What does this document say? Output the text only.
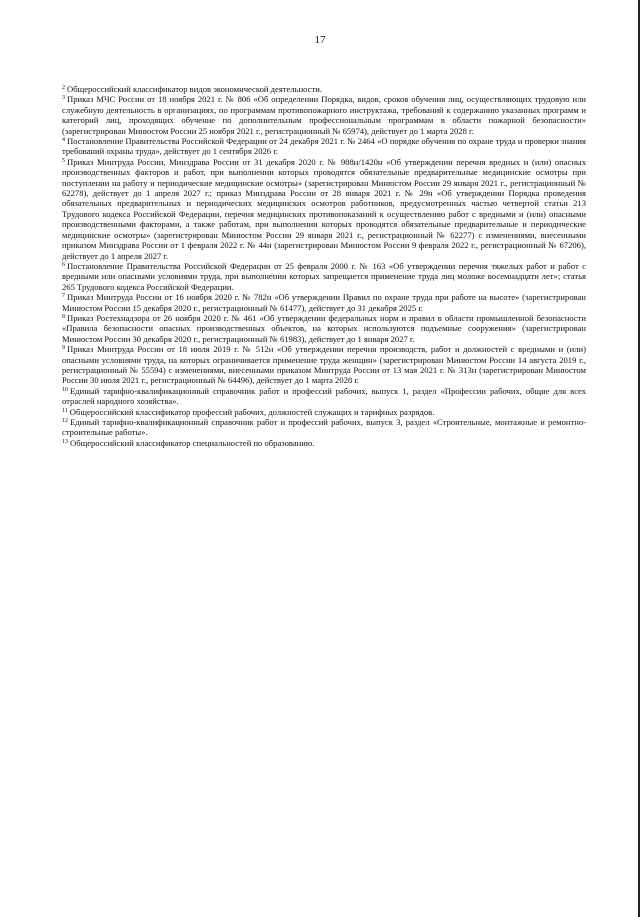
17

$^2$ Общероссийский классификатор видов экономической деятельности.

$^3$ Приказ МЧС России от 18 ноября 2021 г. № 806 «Об определении Порядка, видов, сроков обучения лиц, осуществляющих трудовую или служебную деятельность в организациях, по программам противопожарного инструктажа, требований к содержанию указанных программ и категорий лиц, проходящих обучение по дополнительным профессиональным программам в области пожарной безопасности» (зарегистрирован Минюстом России 25 ноября 2021 г., регистрационный № 65974), действует до 1 марта 2028 г.

$^4$ Постановление Правительства Российской Федерации от 24 декабря 2021 г. № 2464 «О порядке обучения по охране труда и проверки знания требований охраны труда», действует до 1 сентября 2026 г.

$^5$ Приказ Минтруда России, Минздрава России от 31 декабря 2020 г. № 988н/1420н «Об утверждении перечня вредных и (или) опасных производственных факторов и работ, при выполнении которых проводятся обязательные предварительные медицинские осмотры при поступлении на работу и периодические медицинские осмотры» (зарегистрирован Минюстом России 29 января 2021 г., регистрационный № 62278), действует до 1 апреля 2027 г.; приказ Минздрава России от 28 января 2021 г. № 29н «Об утверждении Порядка проведения обязательных предварительных и периодических медицинских осмотров работников, предусмотренных частью четвертой статьи 213 Трудового кодекса Российской Федерации, перечня медицинских противопоказаний к осуществлению работ с вредными и (или) опасными производственными факторами, а также работам, при выполнении которых проводятся обязательные предварительные и периодические медицинские осмотры» (зарегистрирован Минюстом России 29 января 2021 г., регистрационный № 62277) с изменениями, внесенными приказом Минздрава России от 1 февраля 2022 г. № 44н (зарегистрирован Минюстом России 9 февраля 2022 г., регистрационный № 67206), действует до 1 апреля 2027 г.

$^6$ Постановление Правительства Российской Федерации от 25 февраля 2000 г. № 163 «Об утверждении перечня тяжелых работ и работ с вредными или опасными условиями труда, при выполнении которых запрещается применение труда лиц моложе восемнадцати лет»; статья 265 Трудового кодекса Российской Федерации.

$^7$ Приказ Минтруда России от 16 ноября 2020 г. № 782н «Об утверждении Правил по охране труда при работе на высоте» (зарегистрирован Минюстом России 15 декабря 2020 г., регистрационный № 61477), действует до 31 декабря 2025 г.

$^8$ Приказ Ростехнадзора от 26 ноября 2020 г. № 461 «Об утверждении федеральных норм и правил в области промышленной безопасности «Правила безопасности опасных производственных объектов, на которых используются подъемные сооружения» (зарегистрирован Минюстом России 30 декабря 2020 г., регистрационный № 61983), действует до 1 января 2027 г.

$^9$ Приказ Минтруда России от 18 июля 2019 г. № 512н «Об утверждении перечня производств, работ и должностей с вредными и (или) опасными условиями труда, на которых ограничивается применение труда женщин» (зарегистрирован Минюстом России 14 августа 2019 г., регистрационный № 55594) с изменениями, внесенными приказом Минтруда России от 13 мая 2021 г. № 313н (зарегистрирован Минюстом России 30 июля 2021 г., регистрационный № 64496), действует до 1 марта 2028 г.

$^{10}$ Единый тарифно-квалификационный справочник работ и профессий рабочих, выпуск 1, раздел «Профессии рабочих, общие для всех отраслей народного хозяйства».

$^{11}$ Общероссийский классификатор профессий рабочих, должностей служащих и тарифных разрядов.

$^{12}$ Единый тарифно-квалификационный справочник работ и профессий рабочих, выпуск 3, раздел «Строительные, монтажные и ремонтно-строительные работы».

$^{13}$ Общероссийский классификатор специальностей по образованию.
